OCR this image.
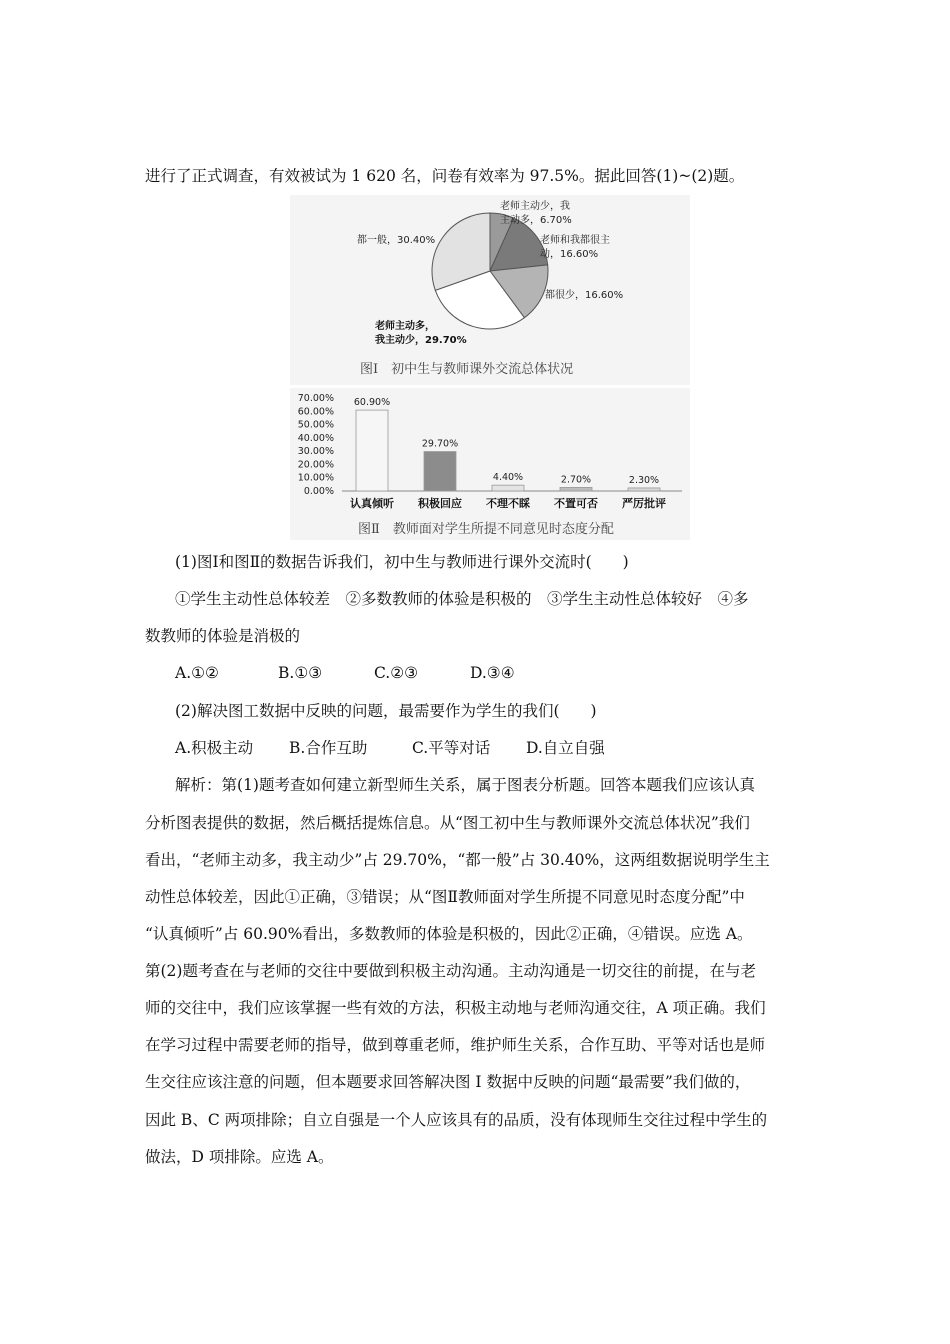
进行了正式调查，有效被试为 1 620 名，问卷有效率为 97.5%。据此回答(1)~(2)题。
老师主动少，我
主动多，6.70%
老师和我都很主
动，16.60%
都很少，16.60%
老师主动多，
我主动少，29.70%
都一般，30.40%
图Ⅰ　初中生与教师课外交流总体状况
70.00%
60.00%
50.00%
40.00%
30.00%
20.00%
10.00%
0.00%
60.90%
认真倾听
29.70%
积极回应
4.40%
不理不睬
2.70%
不置可否
2.30%
严厉批评
图Ⅱ　教师面对学生所提不同意见时态度分配
(1)图Ⅰ和图Ⅱ的数据告诉我们，初中生与教师进行课外交流时(　　)
①学生主动性总体较差　②多数教师的体验是积极的　③学生主动性总体较好　④多
数教师的体验是消极的
A.①②	B.①③	C.②③	D.③④
(2)解决图工数据中反映的问题，最需要作为学生的我们(　　)
A.积极主动 B.合作互助	C.平等对话 D.自立自强
解析：第(1)题考查如何建立新型师生关系，属于图表分析题。回答本题我们应该认真
分析图表提供的数据，然后概括提炼信息。从“图工初中生与教师课外交流总体状况”我们
看出，“老师主动多，我主动少”占 29.70%，“都一般”占 30.40%，这两组数据说明学生主
动性总体较差，因此①正确，③错误；从“图Ⅱ教师面对学生所提不同意见时态度分配”中
“认真倾听”占 60.90%看出，多数教师的体验是积极的，因此②正确，④错误。应选 A。
第(2)题考查在与老师的交往中要做到积极主动沟通。主动沟通是一切交往的前提，在与老
师的交往中，我们应该掌握一些有效的方法，积极主动地与老师沟通交往，A 项正确。我们
在学习过程中需要老师的指导，做到尊重老师，维护师生关系，合作互助、平等对话也是师
生交往应该注意的问题，但本题要求回答解决图 I 数据中反映的问题“最需要”我们做的，
因此 B、C 两项排除；自立自强是一个人应该具有的品质，没有体现师生交往过程中学生的
做法，D 项排除。应选 A。
